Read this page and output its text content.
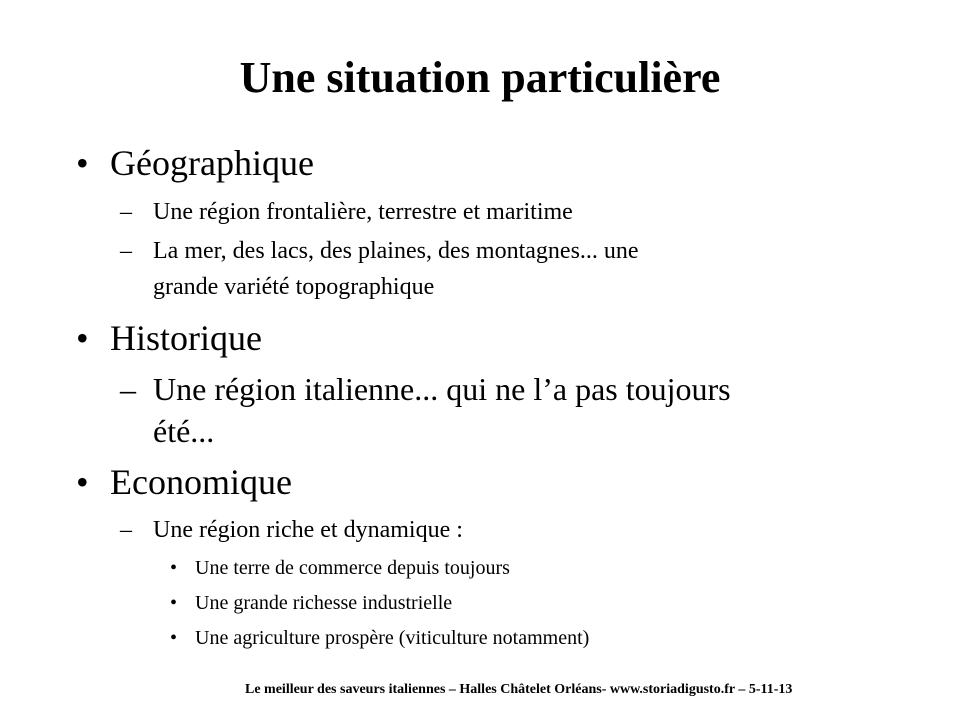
Une situation particulière
• Géographique
– Une région frontalière, terrestre et maritime
– La mer, des lacs, des plaines, des montagnes... une
grande variété topographique
• Historique
– Une région italienne... qui ne l’a pas toujours
été...
• Economique
– Une région riche et dynamique :
• Une terre de commerce depuis toujours
• Une grande richesse industrielle
• Une agriculture prospère (viticulture notamment)
Le meilleur des saveurs italiennes – Halles Châtelet Orléans- www.storiadigusto.fr – 5-11-13
